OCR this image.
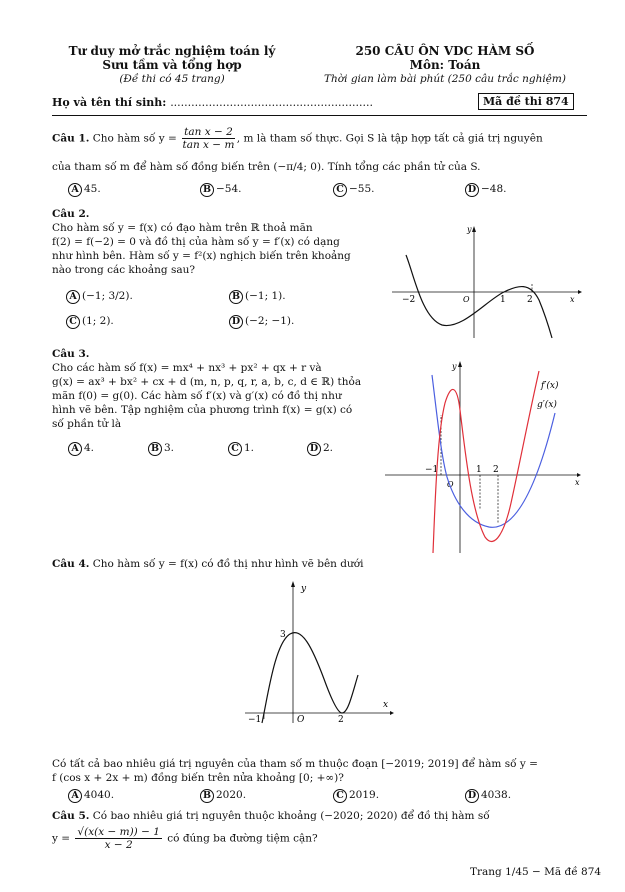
Tư duy mở trắc nghiệm toán lý
Sưu tầm và tổng hợp
(Đề thi có 45 trang)
250 CÂU ÔN VDC HÀM SỐ
Môn: Toán
Thời gian làm bài phút (250 câu trắc nghiệm)
Họ và tên thí sinh: ..........................................................	Mã đề thi 874
Câu 1. Cho hàm số $y = \frac{\text{tan x − 2}}{\text{tan x − m}}$ , m là tham số thực. Gọi S là tập hợp tất cả giá trị nguyên
của tham số m để hàm số đồng biến trên (−π/4; 0). Tính tổng các phần tử của S.
A 45.	B −54.	C −55.	D −48.
Câu 2.
Cho hàm số y = f(x) có đạo hàm trên ℝ thoả mãn
f(2) = f(−2) = 0 và đồ thị của hàm số y = f′(x) có dạng
như hình bên. Hàm số y = f²(x) nghịch biến trên khoảng
nào trong các khoảng sau?
A (−1; 3/2).	B (−1; 1).
C (1; 2).	D (−2; −1).
y
x
−2	O	1 2
Câu 3.
Cho các hàm số f(x) = mx⁴ + nx³ + px² + qx + r và
g(x) = ax³ + bx² + cx + d (m, n, p, q, r, a, b, c, d ∈ ℝ) thỏa
mãn f(0) = g(0). Các hàm số f′(x) và g′(x) có đồ thị như
hình vẽ bên. Tập nghiệm của phương trình f(x) = g(x) có
số phần tử là
A 4.	B 3.	C 1.	D 2.
y
x
−1
O
1 2
f′(x)
g′(x)
Câu 4. Cho hàm số y = f(x) có đồ thị như hình vẽ bên dưới
y
x
−1	O	2
3
Có tất cả bao nhiêu giá trị nguyên của tham số m thuộc đoạn [−2019; 2019] để hàm số y =
f (cos x + 2x + m) đồng biến trên nửa khoảng [0; +∞)?
A 4040.	B 2020.	C 2019.	D 4038.
Câu 5. Có bao nhiêu giá trị nguyên thuộc khoảng (−2020; 2020) để đồ thị hàm số
$y = \frac{√(x(x - m)) - 1}{x - 2}$ có đúng ba đường tiệm cận?
Trang 1/45 − Mã đề 874
